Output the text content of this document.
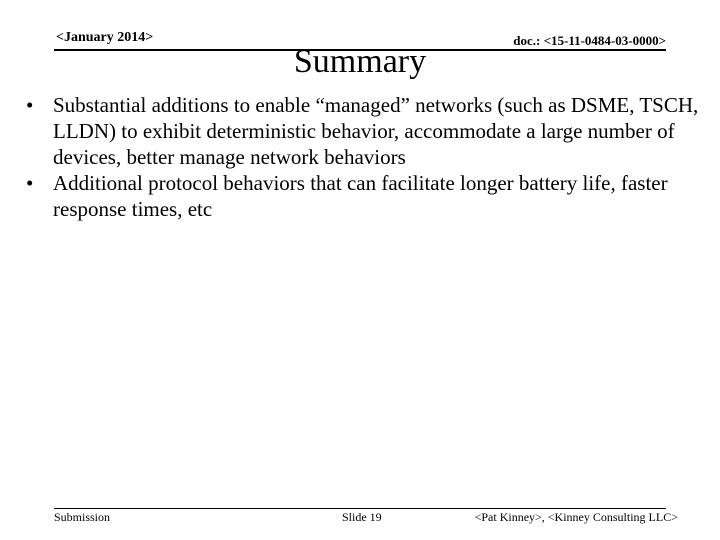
<January 2014>	doc.: <15-11-0484-03-0000>
Summary
• Substantial additions to enable “managed” networks (such as DSME, TSCH, LLDN) to exhibit deterministic behavior, accommodate a large number of devices, better manage network behaviors
• Additional protocol behaviors that can facilitate longer battery life, faster response times, etc
Submission	Slide 19	<Pat Kinney>, <Kinney Consulting LLC>
